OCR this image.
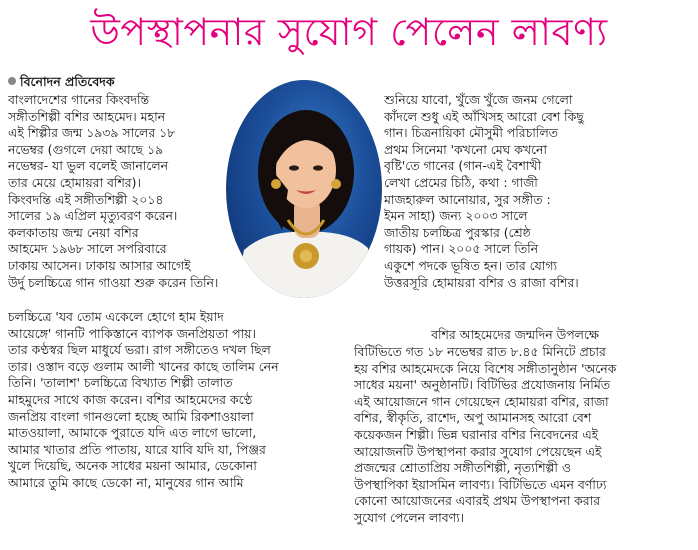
উপস্থাপনার সুযোগ পেলেন লাবণ্য
বিনোদন প্রতিবেদক
বাংলাদেশের গানের কিংবদন্তি
সঙ্গীতশিল্পী বশির আহমেদ। মহান
এই শিল্পীর জন্ম ১৯৩৯ সালের ১৮
নভেম্বর (গুগলে দেয়া আছে ১৯
নভেম্বর- যা ভুল বলেই জানালেন
তার মেয়ে হোমায়রা বশির)।
কিংবদন্তি এই সঙ্গীতশিল্পী ২০১৪
সালের ১৯ এপ্রিল মৃত্যুবরণ করেন।
কলকাতায় জন্ম নেয়া বশির
আহমেদ ১৯৬৮ সালে সপরিবারে
ঢাকায় আসেন। ঢাকায় আসার আগেই
উর্দু চলচ্চিত্রে গান গাওয়া শুরু করেন তিনি।
চলচ্চিত্রে 'যব তোম একেলে হোগে হাম ইয়াদ
আয়েঙ্গে' গানটি পাকিস্তানে ব্যাপক জনপ্রিয়তা পায়।
তার কণ্ঠস্বর ছিল মাধুর্যে ভরা। রাগ সঙ্গীতেও দখল ছিল
তার। ওস্তাদ বড়ে গুলাম আলী খানের কাছে তালিম নেন
তিনি। 'তালাশ' চলচ্চিত্রে বিখ্যাত শিল্পী তালাত
মাহমুদের সাথে কাজ করেন। বশির আহমেদের কণ্ঠে
জনপ্রিয় বাংলা গানগুলো হচ্ছে আমি রিকশাওয়ালা
মাতওয়ালা, আমাকে পুরাতে যদি এত লাগে ভালো,
আমার খাতার প্রতি পাতায়, যারে যাবি যদি যা, পিঞ্জর
খুলে দিয়েছি, অনেক সাধের ময়না আমার, ডেকোনা
আমারে তুমি কাছে ডেকো না, মানুষের গান আমি
শুনিয়ে যাবো, খুঁজে খুঁজে জনম গেলো
কাঁদলে শুধু এই আঁখিসহ আরো বেশ কিছু
গান। চিত্রনায়িকা মৌসুমী পরিচালিত
প্রথম সিনেমা 'কখনো মেঘ কখনো
বৃষ্টি'তে গানের (গান-এই বৈশাখী
লেখা প্রেমের চিঠি, কথা : গাজী
মাজহারুল আনোয়ার, সুর সঙ্গীত :
ইমন সাহা) জন্য ২০০৩ সালে
জাতীয় চলচ্চিত্র পুরস্কার (শ্রেষ্ঠ
গায়ক) পান। ২০০৫ সালে তিনি
একুশে পদকে ভূষিত হন। তার যোগ্য
উত্তরসূরি হোমায়রা বশির ও রাজা বশির।
বশির আহমেদের জন্মদিন উপলক্ষে
বিটিভিতে গত ১৮ নভেম্বর রাত ৮.৪৫ মিনিটে প্রচার
হয় বশির আহমেদকে নিয়ে বিশেষ সঙ্গীতানুষ্ঠান 'অনেক
সাধের ময়না' অনুষ্ঠানটি। বিটিভির প্রযোজনায় নির্মিত
এই আয়োজনে গান গেয়েছেন হোমায়রা বশির, রাজা
বশির, স্বীকৃতি, রাশেদ, অপু আমানসহ আরো বেশ
কয়েকজন শিল্পী। ভিন্ন ঘরানার বশির নিবেদনের এই
আয়োজনটি উপস্থাপনা করার সুযোগ পেয়েছেন এই
প্রজন্মের শ্রোতাপ্রিয় সঙ্গীতশিল্পী, নৃত্যশিল্পী ও
উপস্থাপিকা ইয়াসমিন লাবণ্য। বিটিভিতে এমন বর্ণাঢ্য
কোনো আয়োজনের এবারই প্রথম উপস্থাপনা করার
সুযোগ পেলেন লাবণ্য।
